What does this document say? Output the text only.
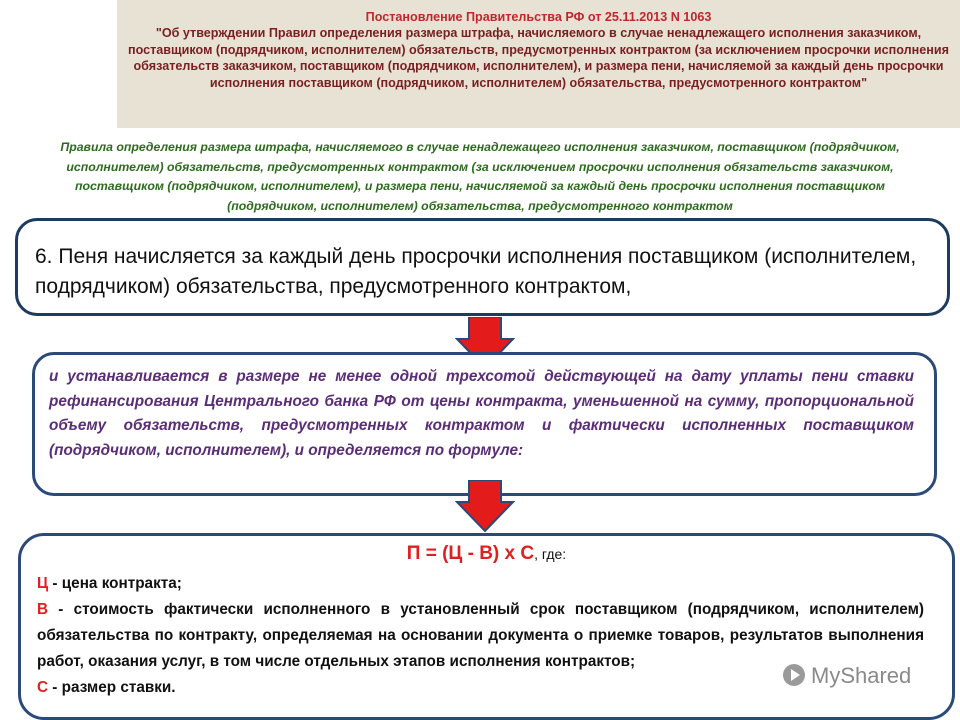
Постановление Правительства РФ от 25.11.2013 N 1063
"Об утверждении Правил определения размера штрафа, начисляемого в случае ненадлежащего исполнения заказчиком, поставщиком (подрядчиком, исполнителем) обязательств, предусмотренных контрактом (за исключением просрочки исполнения обязательств заказчиком, поставщиком (подрядчиком, исполнителем), и размера пени, начисляемой за каждый день просрочки исполнения поставщиком (подрядчиком, исполнителем) обязательства, предусмотренного контрактом"
Правила определения размера штрафа, начисляемого в случае ненадлежащего исполнения заказчиком, поставщиком (подрядчиком, исполнителем) обязательств, предусмотренных контрактом (за исключением просрочки исполнения обязательств заказчиком, поставщиком (подрядчиком, исполнителем), и размера пени, начисляемой за каждый день просрочки исполнения поставщиком (подрядчиком, исполнителем) обязательства, предусмотренного контрактом
6. Пеня начисляется за каждый день просрочки исполнения поставщиком (исполнителем, подрядчиком) обязательства, предусмотренного контрактом,
и устанавливается в размере не менее одной трехсотой действующей на дату уплаты пени ставки рефинансирования Центрального банка РФ от цены контракта, уменьшенной на сумму, пропорциональной объему обязательств, предусмотренных контрактом и фактически исполненных поставщиком (подрядчиком, исполнителем), и определяется по формуле:
П = (Ц - В) х С, где:
Ц - цена контракта;
В - стоимость фактически исполненного в установленный срок поставщиком (подрядчиком, исполнителем) обязательства по контракту, определяемая на основании документа о приемке товаров, результатов выполнения работ, оказания услуг, в том числе отдельных этапов исполнения контрактов;
С - размер ставки.	MyShared
